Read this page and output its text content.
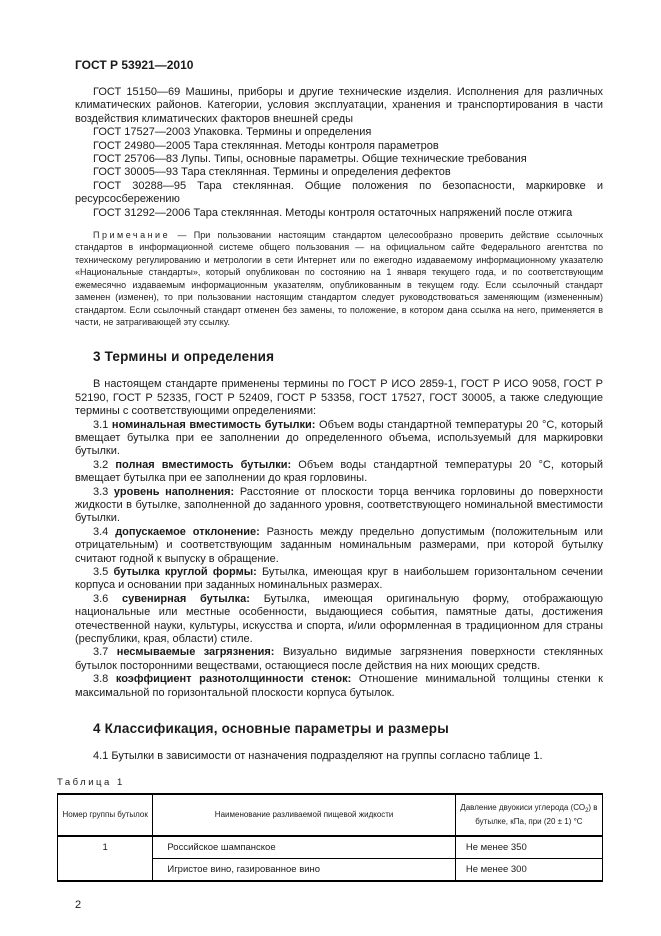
ГОСТ Р 53921—2010

ГОСТ 15150—69 Машины, приборы и другие технические изделия. Исполнения для различных климатических районов. Категории, условия эксплуатации, хранения и транспортирования в части воздействия климатических факторов внешней среды

ГОСТ 17527—2003 Упаковка. Термины и определения

ГОСТ 24980—2005 Тара стеклянная. Методы контроля параметров

ГОСТ 25706—83 Лупы. Типы, основные параметры. Общие технические требования

ГОСТ 30005—93 Тара стеклянная. Термины и определения дефектов

ГОСТ 30288—95 Тара стеклянная. Общие положения по безопасности, маркировке и ресурсосбережению

ГОСТ 31292—2006 Тара стеклянная. Методы контроля остаточных напряжений после отжига

Примечание — При пользовании настоящим стандартом целесообразно проверить действие ссылочных стандартов в информационной системе общего пользования — на официальном сайте Федерального агентства по техническому регулированию и метрологии в сети Интернет или по ежегодно издаваемому информационному указателю «Национальные стандарты», который опубликован по состоянию на 1 января текущего года, и по соответствующим ежемесячно издаваемым информационным указателям, опубликованным в текущем году. Если ссылочный стандарт заменен (изменен), то при пользовании настоящим стандартом следует руководствоваться заменяющим (измененным) стандартом. Если ссылочный стандарт отменен без замены, то положение, в котором дана ссылка на него, применяется в части, не затрагивающей эту ссылку.

3 Термины и определения

В настоящем стандарте применены термины по ГОСТ Р ИСО 2859-1, ГОСТ Р ИСО 9058, ГОСТ Р 52190, ГОСТ Р 52335, ГОСТ Р 52409, ГОСТ Р 53358, ГОСТ 17527, ГОСТ 30005, а также следующие термины с соответствующими определениями:

3.1 номинальная вместимость бутылки: Объем воды стандартной температуры 20 °С, который вмещает бутылка при ее заполнении до определенного объема, используемый для маркировки бутылки.

3.2 полная вместимость бутылки: Объем воды стандартной температуры 20 °С, который вмещает бутылка при ее заполнении до края горловины.

3.3 уровень наполнения: Расстояние от плоскости торца венчика горловины до поверхности жидкости в бутылке, заполненной до заданного уровня, соответствующего номинальной вместимости бутылки.

3.4 допускаемое отклонение: Разность между предельно допустимым (положительным или отрицательным) и соответствующим заданным номинальным размерами, при которой бутылку считают годной к выпуску в обращение.

3.5 бутылка круглой формы: Бутылка, имеющая круг в наибольшем горизонтальном сечении корпуса и основании при заданных номинальных размерах.

3.6 сувенирная бутылка: Бутылка, имеющая оригинальную форму, отображающую национальные или местные особенности, выдающиеся события, памятные даты, достижения отечественной науки, культуры, искусства и спорта, и/или оформленная в традиционном для страны (республики, края, области) стиле.

3.7 несмываемые загрязнения: Визуально видимые загрязнения поверхности стеклянных бутылок посторонними веществами, остающиеся после действия на них моющих средств.

3.8 коэффициент разнотолщинности стенок: Отношение минимальной толщины стенки к максимальной по горизонтальной плоскости корпуса бутылок.

4 Классификация, основные параметры и размеры

4.1 Бутылки в зависимости от назначения подразделяют на группы согласно таблице 1.

Таблица 1
Номер группы бутылок	Наименование разливаемой пищевой жидкости	Давление двуокиси углерода $(СО_2)$ в бутылке, кПа, при (20 ± 1) °С
1	Российское шампанское	Не менее 350
	Игристое вино, газированное вино	Не менее 300
2
